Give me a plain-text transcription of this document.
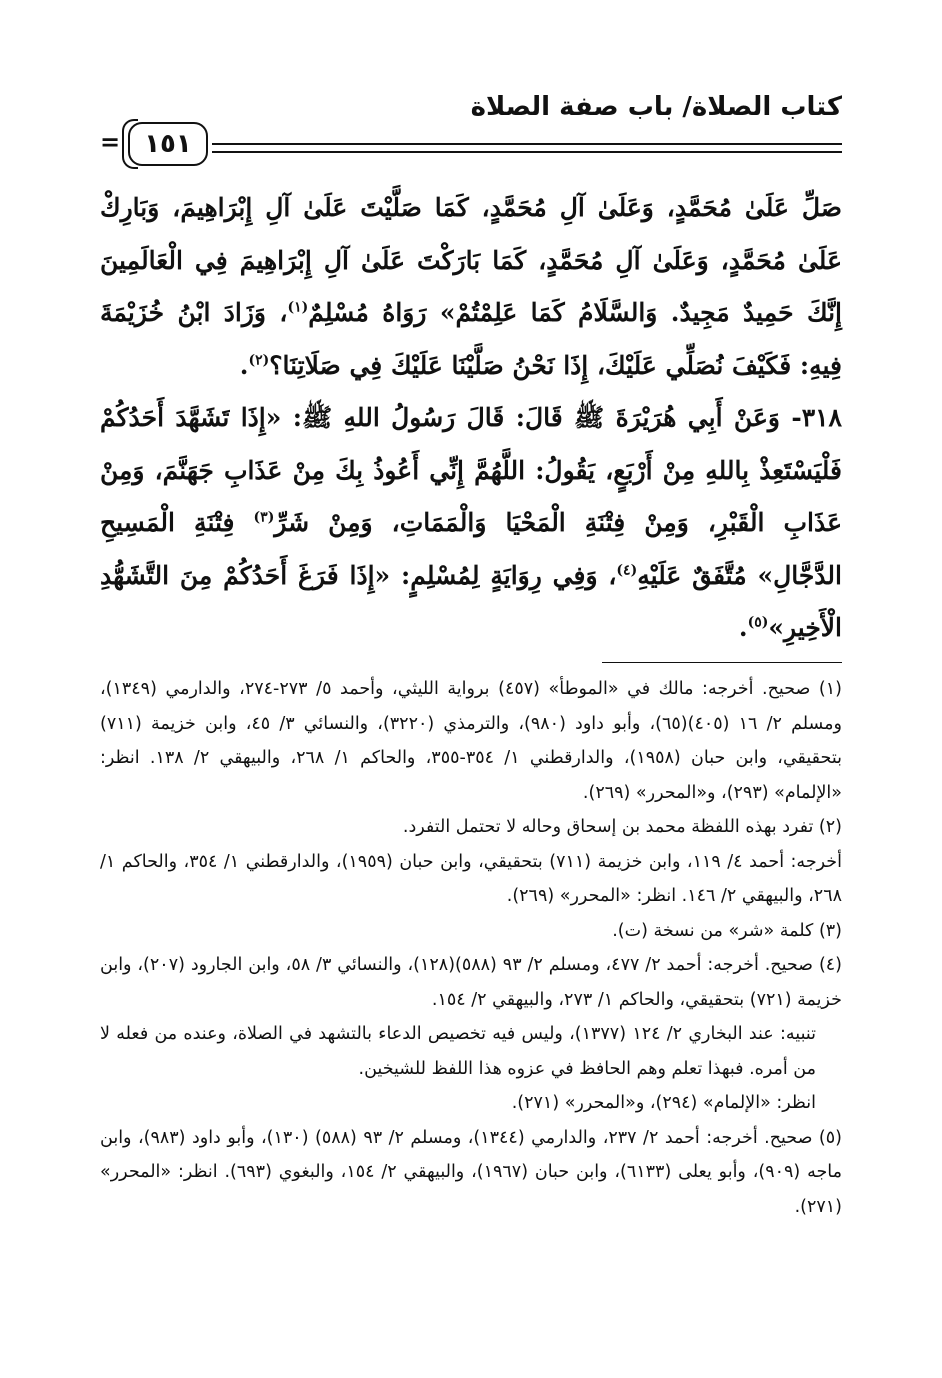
كتاب الصلاة/ باب صفة الصلاة
١٥١
=

صَلِّ عَلَىٰ مُحَمَّدٍ، وَعَلَىٰ آلِ مُحَمَّدٍ، كَمَا صَلَّيْتَ عَلَىٰ آلِ إِبْرَاهِيمَ، وَبَارِكْ عَلَىٰ مُحَمَّدٍ، وَعَلَىٰ آلِ مُحَمَّدٍ، كَمَا بَارَكْتَ عَلَىٰ آلِ إِبْرَاهِيمَ فِي الْعَالَمِينَ إِنَّكَ حَمِيدٌ مَجِيدٌ. وَالسَّلَامُ كَمَا عَلِمْتُمْ» رَوَاهُ مُسْلِمٌ$^{(١)}$، وَزَادَ ابْنُ خُزَيْمَةَ فِيهِ: فَكَيْفَ نُصَلِّي عَلَيْكَ، إِذَا نَحْنُ صَلَّيْنَا عَلَيْكَ فِي صَلَاتِنَا؟$^{(٢)}$.

٣١٨- وَعَنْ أَبِي هُرَيْرَةَ ﷺ قَالَ: قَالَ رَسُولُ اللهِ ﷺ: «إِذَا تَشَهَّدَ أَحَدُكُمْ فَلْيَسْتَعِذْ بِاللهِ مِنْ أَرْبَعٍ، يَقُولُ: اللَّهُمَّ إِنِّي أَعُوذُ بِكَ مِنْ عَذَابِ جَهَنَّمَ، وَمِنْ عَذَابِ الْقَبْرِ، وَمِنْ فِتْنَةِ الْمَحْيَا وَالْمَمَاتِ، وَمِنْ شَرِّ$^{(٣)}$ فِتْنَةِ الْمَسِيحِ الدَّجَّالِ» مُتَّفَقٌ عَلَيْهِ$^{(٤)}$، وَفِي رِوَايَةٍ لِمُسْلِمٍ: «إِذَا فَرَغَ أَحَدُكُمْ مِنَ التَّشَهُّدِ الْأَخِيرِ»$^{(٥)}$.

(١) صحيح. أخرجه: مالك في «الموطأ» (٤٥٧) برواية الليثي، وأحمد ٥/ ٢٧٣-٢٧٤، والدارمي (١٣٤٩)، ومسلم ٢/ ١٦ (٤٠٥)(٦٥)، وأبو داود (٩٨٠)، والترمذي (٣٢٢٠)، والنسائي ٣/ ٤٥، وابن خزيمة (٧١١) بتحقيقي، وابن حبان (١٩٥٨)، والدارقطني ١/ ٣٥٤-٣٥٥، والحاكم ١/ ٢٦٨، والبيهقي ٢/ ١٣٨. انظر: «الإلمام» (٢٩٣)، و«المحرر» (٢٦٩).

(٢) تفرد بهذه اللفظة محمد بن إسحاق وحاله لا تحتمل التفرد.

أخرجه: أحمد ٤/ ١١٩، وابن خزيمة (٧١١) بتحقيقي، وابن حبان (١٩٥٩)، والدارقطني ١/ ٣٥٤، والحاكم ١/ ٢٦٨، والبيهقي ٢/ ١٤٦. انظر: «المحرر» (٢٦٩).

(٣) كلمة «شر» من نسخة (ت).

(٤) صحيح. أخرجه: أحمد ٢/ ٤٧٧، ومسلم ٢/ ٩٣ (٥٨٨)(١٢٨)، والنسائي ٣/ ٥٨، وابن الجارود (٢٠٧)، وابن خزيمة (٧٢١) بتحقيقي، والحاكم ١/ ٢٧٣، والبيهقي ٢/ ١٥٤.

تنبيه: عند البخاري ٢/ ١٢٤ (١٣٧٧)، وليس فيه تخصيص الدعاء بالتشهد في الصلاة، وعنده من فعله لا من أمره. فبهذا تعلم وهم الحافظ في عزوه هذا اللفظ للشيخين.

انظر: «الإلمام» (٢٩٤)، و«المحرر» (٢٧١).

(٥) صحيح. أخرجه: أحمد ٢/ ٢٣٧، والدارمي (١٣٤٤)، ومسلم ٢/ ٩٣ (٥٨٨) (١٣٠)، وأبو داود (٩٨٣)، وابن ماجه (٩٠٩)، وأبو يعلى (٦١٣٣)، وابن حبان (١٩٦٧)، والبيهقي ٢/ ١٥٤، والبغوي (٦٩٣). انظر: «المحرر» (٢٧١).
